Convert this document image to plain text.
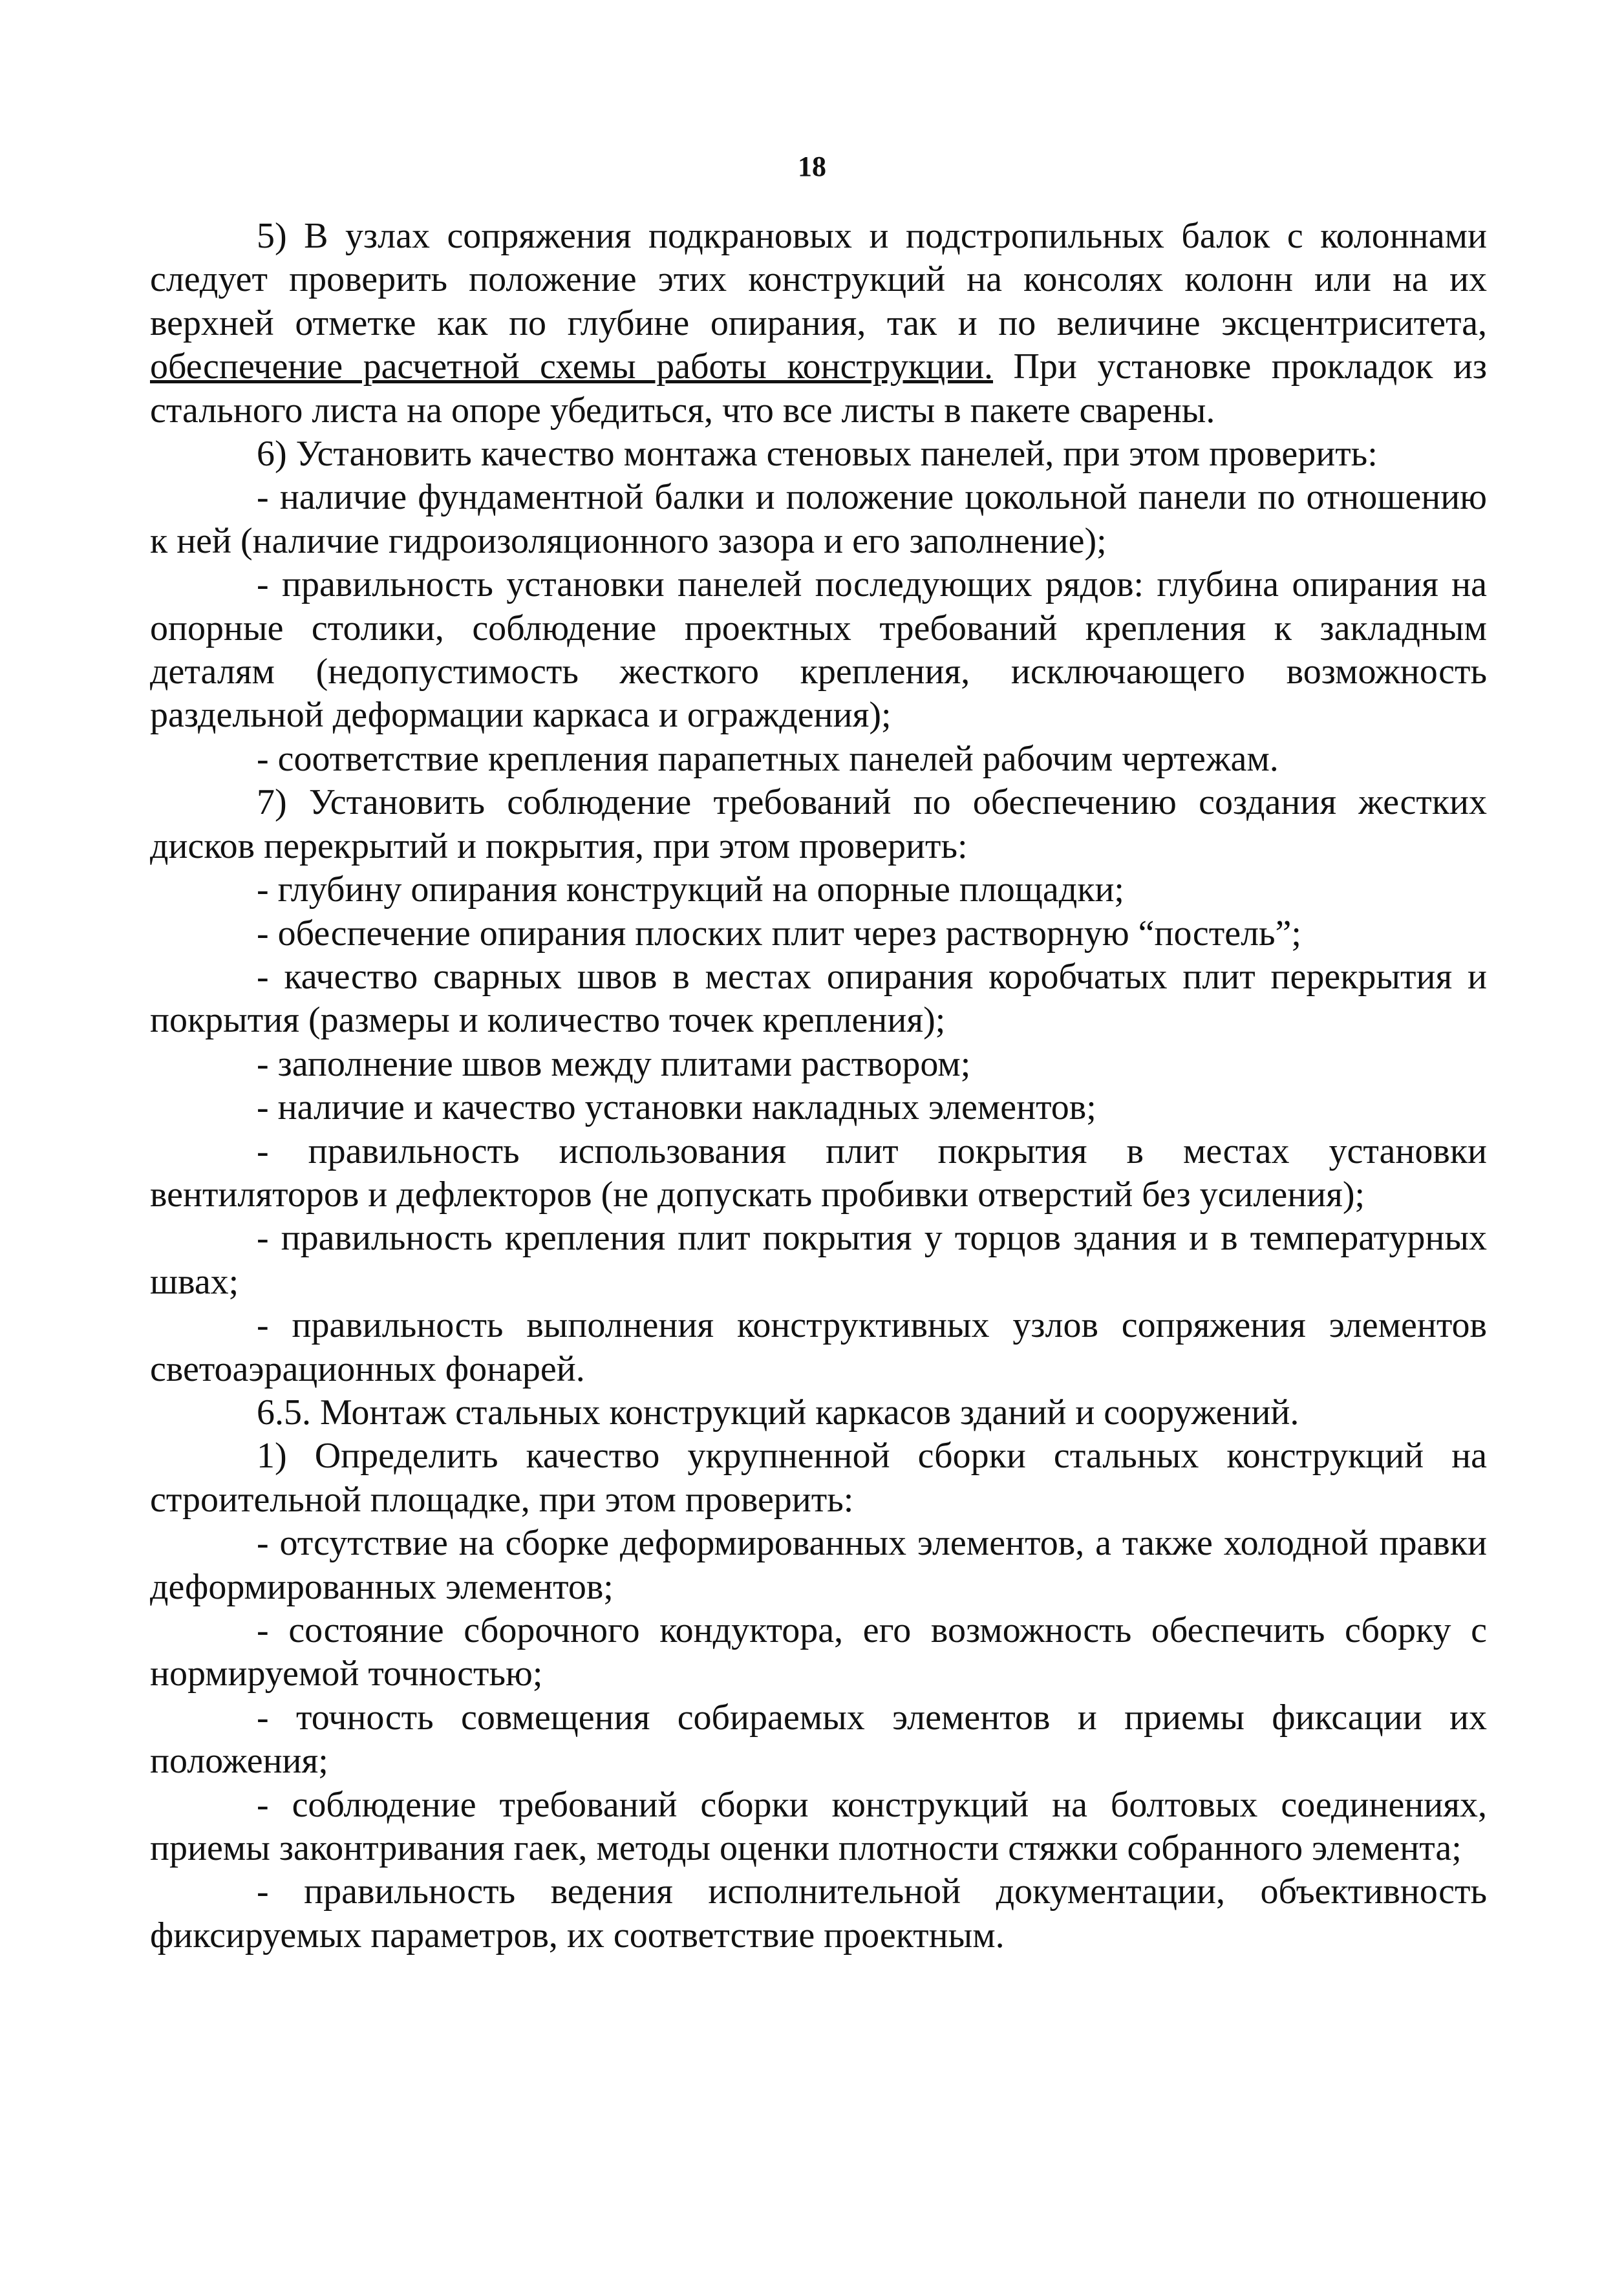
18

5) В узлах сопряжения подкрановых и подстропильных балок с колоннами следует проверить положение этих конструкций на консолях колонн или на их верхней отметке как по глубине опирания, так и по величине эксцентриситета, обеспечение расчетной схемы работы конструкции. При установке прокладок из стального листа на опоре убедиться, что все листы в пакете сварены.

6) Установить качество монтажа стеновых панелей, при этом проверить:

- наличие фундаментной балки и положение цокольной панели по отношению к ней (наличие гидроизоляционного зазора и его заполнение);

- правильность установки панелей последующих рядов: глубина опирания на опорные столики, соблюдение проектных требований крепления к закладным деталям (недопустимость жесткого крепления, исключающего возможность раздельной деформации каркаса и ограждения);

- соответствие крепления парапетных панелей рабочим чертежам.

7) Установить соблюдение требований по обеспечению создания жестких дисков перекрытий и покрытия, при этом проверить:

- глубину опирания конструкций на опорные площадки;

- обеспечение опирания плоских плит через растворную “постель”;

- качество сварных швов в местах опирания коробчатых плит перекрытия и покрытия (размеры и количество точек крепления);

- заполнение швов между плитами раствором;

- наличие и качество установки накладных элементов;

- правильность использования плит покрытия в местах установки вентиляторов и дефлекторов (не допускать пробивки отверстий без усиления);

- правильность крепления плит покрытия у торцов здания и в температурных швах;

- правильность выполнения конструктивных узлов сопряжения элементов светоаэрационных фонарей.

6.5. Монтаж стальных конструкций каркасов зданий и сооружений.

1) Определить качество укрупненной сборки стальных конструкций на строительной площадке, при этом проверить:

- отсутствие на сборке деформированных элементов, а также холодной правки деформированных элементов;

- состояние сборочного кондуктора, его возможность обеспечить сборку с нормируемой точностью;

- точность совмещения собираемых элементов и приемы фиксации их положения;

- соблюдение требований сборки конструкций на болтовых соединениях, приемы законтривания гаек, методы оценки плотности стяжки собранного элемента;

- правильность ведения исполнительной документации, объективность фиксируемых параметров, их соответствие проектным.
